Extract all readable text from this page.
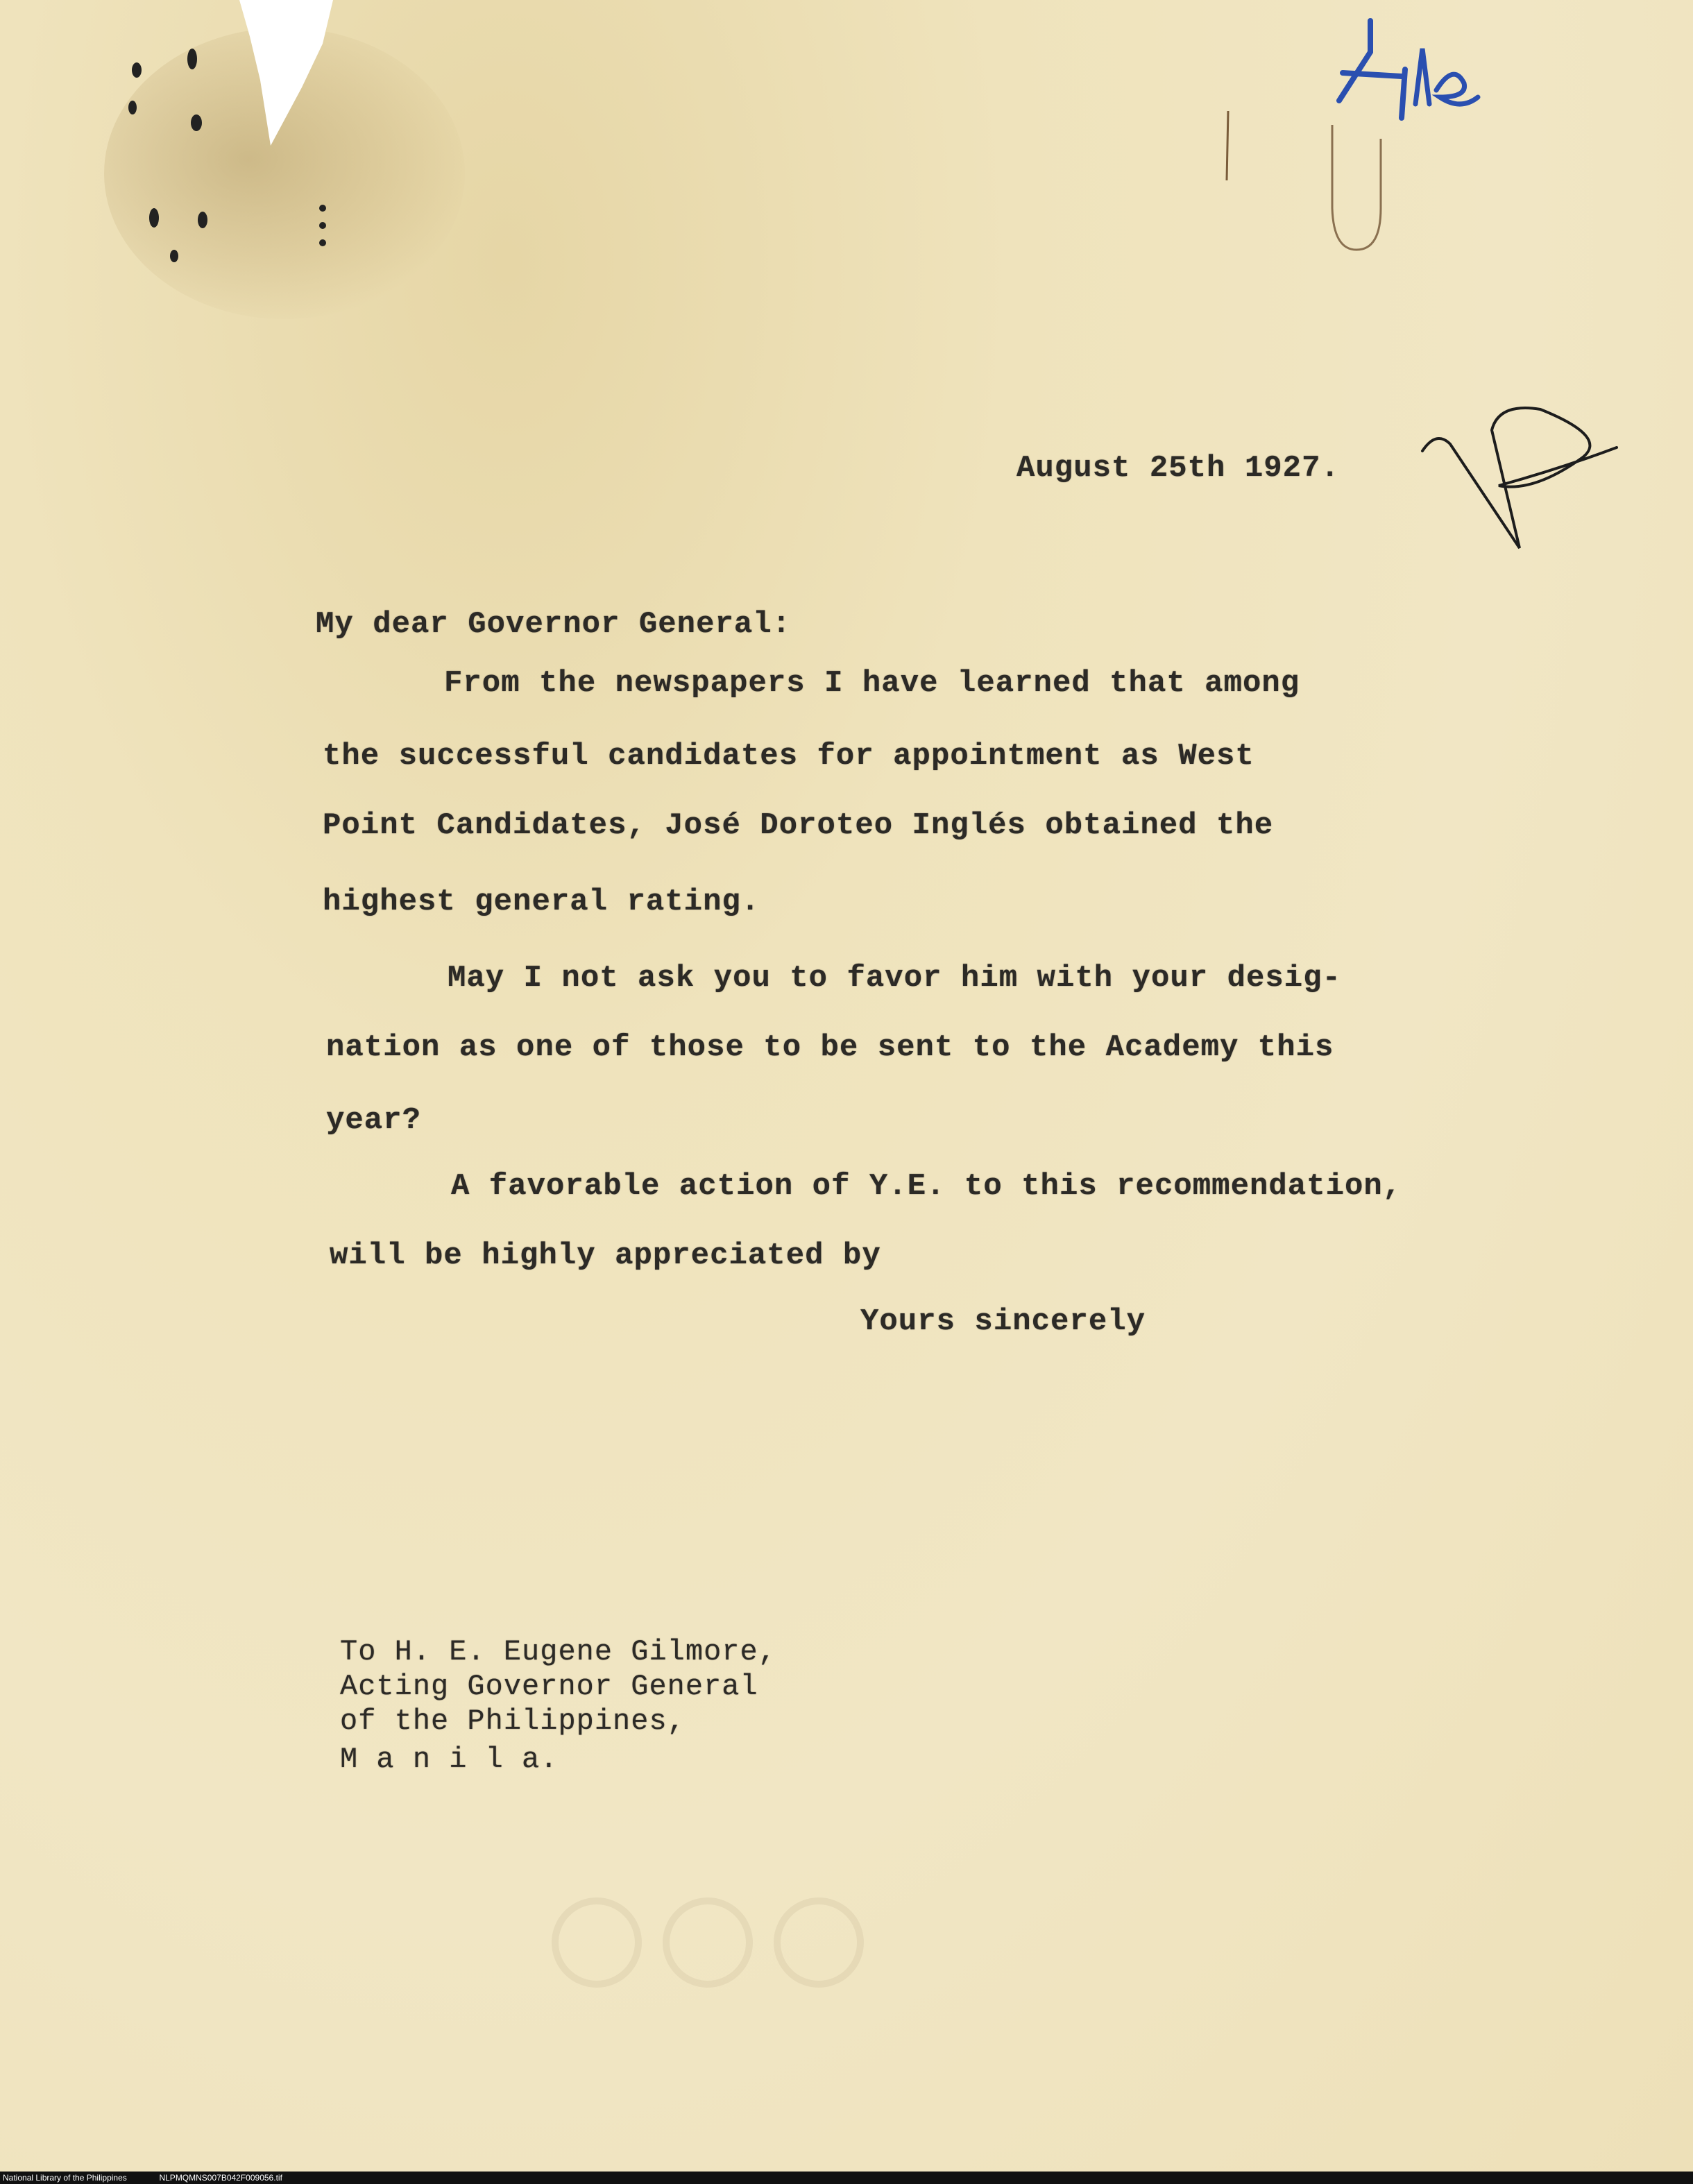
August 25th 1927.
My dear Governor General:
From the newspapers I have learned that among
the successful candidates for appointment as West
Point Candidates, José Doroteo Inglés obtained the
highest general rating.
May I not ask you to favor him with your desig-
nation as one of those to be sent to the Academy this
year?
A favorable action of Y.E. to this recommendation,
will be highly appreciated by
Yours sincerely
To H. E. Eugene Gilmore,
Acting Governor General
of the Philippines,
M a n i l a.
National Library of the Philippines	NLPMQMNS007B042F009056.tif
